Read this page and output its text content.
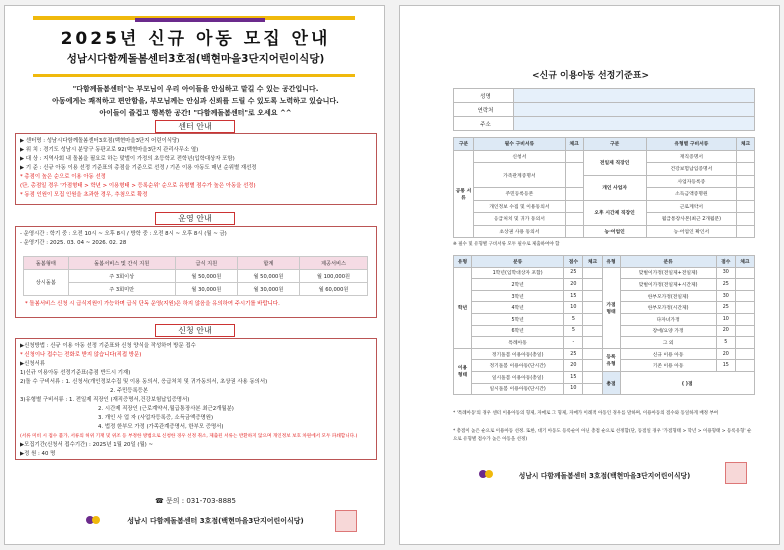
2025년 신규 아동 모집 안내
성남시다함께돌봄센터3호점(백현마을3단지어린이식당)
"다함께돌봄센터"는 부모님이 우리 아이들을 안심하고 맡길 수 있는 공간입니다.
아동에게는 쾌적하고 편안함을, 부모님께는 안심과 신뢰를 드릴 수 있도록 노력하고 있습니다.
아이들이 즐겁고 행복한 공간! "다함께돌봄센터"로 오세요 ^^
센터 안내
▶ 센터명 : 성남시다함께돌봄센터3호점(백현마을3단지 어린이식당)
▶ 위 치 : 경기도 성남시 분당구 동판교로 92(백현마을3단지 관리사무소 옆)
▶ 대 상 : 지역사회 내 돌봄을 필요로 하는 맞벌이 가정의 초등학교 전학년(입학대상자 포함)
▶ 기 준 : 신규 아동 이용 선정 기준표의 총점을 기준으로 선정 / 기존 이용 아동도 매년 순위별 재선정
* 총점이 높은 순으로 이용 아동 선정
(단, 총점일 경우 '가점형태 > 학년 > 이용형태 > 등록순위' 순으로 유형별 점수가 높은 아동을 선정)
* 동점 인원이 모집 인원을 초과한 경우, 추첨으로 확정
운영 안내
- 운영시간 : 학기 중 : 오전 10시 ~ 오후 8시 / 방학 중 : 오전 8시 ~ 오후 8시 (월 ~ 금)
- 운영기간 : 2025. 03. 04 ~ 2026. 02. 28
돌봄형태	돌봄서비스 및 간식 지원	급식 지원	합계	제공서비스
상시돌봄	주 3회이상	월 50,000원	월 50,000원	월 100,000원
	주 3회미만	월 30,000원	월 30,000원	월 60,000원
* 돌봄서비스 신청 시 급식지원이 가능하며 급식 단독 운영(지원)은 하지 않음을 유의하여 주시기를 바랍니다.
신청 안내
▶신청방법 : 신규 이용 아동 선정 기준표와 신청 양식을 작성하여 방문 접수
* 신청이나 접수는 전화로 받지 않습니다(직접 방문)
▶신청서류
1)신규 이용아동 선정기준표(총점 반드시 기재)
2)돌 수 구비서류 : 1. 신청서(개인정보수집 및 이용 동의서, 응급처치 및 귀가동의서, 초상권 사용 동의서)
2. 주민등록등본
3)유형별 구비서류 : 1. 전일제 직장인 (재직증명서,건강보험납입증명서)
2. 시간제 직장인 (근로계약서,월급통장사본 최근2개월분)
3. 개인 사 업 자 (사업자등록증, 소득금액증명원)
4. 법정 한부모 가정 (가족관계증명서, 한부모 증명서)
(서류 미비 시 접수 불가, 서류의 허위 기재 및 위조 등 부정한 방법으로 신청한 경우 선정 취소, 제출된 서류는 반환하지 않으며 개인정보 보호 차원에서 모두 파쇄합니다.)
▶모집기간(신청서 접수기간) : 2025년 1월 20일 (월) ~
▶정 원 : 40 명
☎ 문의 : 031-703-8885
성남시 다함께돌봄센터 3호점(백현마을3단지어린이식당)
<신규 이용아동 선정기준표>
성명	
연락처	
주소	
구분	필수 구비서류	체크	구분	유형별 구비서류	체크
공통 서류	신청서		전일제 직장인	재직증명서	
	가족관계증명서			건강보험납입증명서	
			개인 사업자	사업자등록증	
	주민등록등본			소득금액증명원	
	개인정보 수집 및 이용동의서		오후 시간제 직장인	근로계약서	
	응급처치 및 귀가 동의서			월급통장사본(최근 2개월분)	
	초상권 사용 동의서		농·어업인	농·어업인 확인서	
※ 필수 및 유형별 구비서류 모두 필수로 제출하여야 함
유형	분류	점수	체크	유형	분류	점수	체크
학년	1학년(입학대상자 포함)	25		가점 형태	맞벌이가정(전일제+전일제)	30	
	2학년	20			맞벌이가정(전일제+시간제)	25	
	3학년	15			한부모가정(전일제)	30	
	4학년	10			한부모가정(시간제)	25	
	5학년	5			다자녀가정	10	
	6학년	5			장애/요양 가정	20	
	특례아동	-			그 외	5	
이용 형태	정기돌봄 이용아동(총일)	25		등록 유형	신규 이용 아동	20	
	정기돌봄 이용아동(단시간)	20			기존 이용 아동	15	
	일시돌봄 이용아동(총일)	15		총점	( )점		
	일시돌봄 이용아동(단시간)	10					
* '특례아동'의 경우 센터 이용아동의 형제, 자매로 그 형제, 자매가 이례적 아동인 경우를 말하며, 이용아동의 점수와 동일하게 배정 부여
* 총점이 높은 순으로 이용아동 선정. 또한, 대기 아동도 등록순이 아닌 총점 순으로 선정함(단, 동점일 경우 '가점형태 > 학년 > 이용형태 > 등록유형' 순으로 유형별 점수가 높은 아동을 선정)
성남시 다함께돌봄센터 3호점(백현마을3단지어린이식당)
